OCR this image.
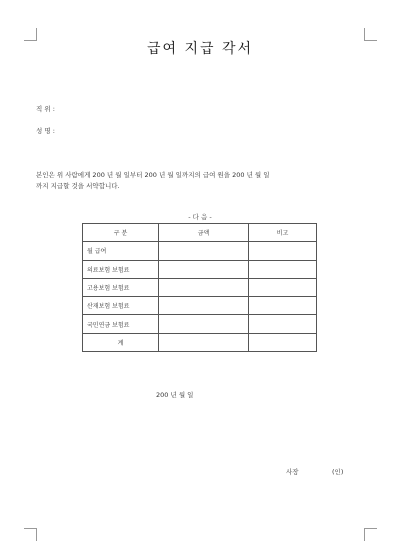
급여 지급 각서
직 위 :
성 명 :
본인은 위 사람에게 200 년 월 일부터 200 년 월 일까지의 급여 원을 200 년 월 일
까지 지급할 것을 서약합니다.
- 다 음 -
구 분	금액	비고
월 급여		
의료보험 보험료		
고용보험 보험료		
산재보험 보험료		
국민연금 보험료		
계		
200 년 월 일
사장	(인)
